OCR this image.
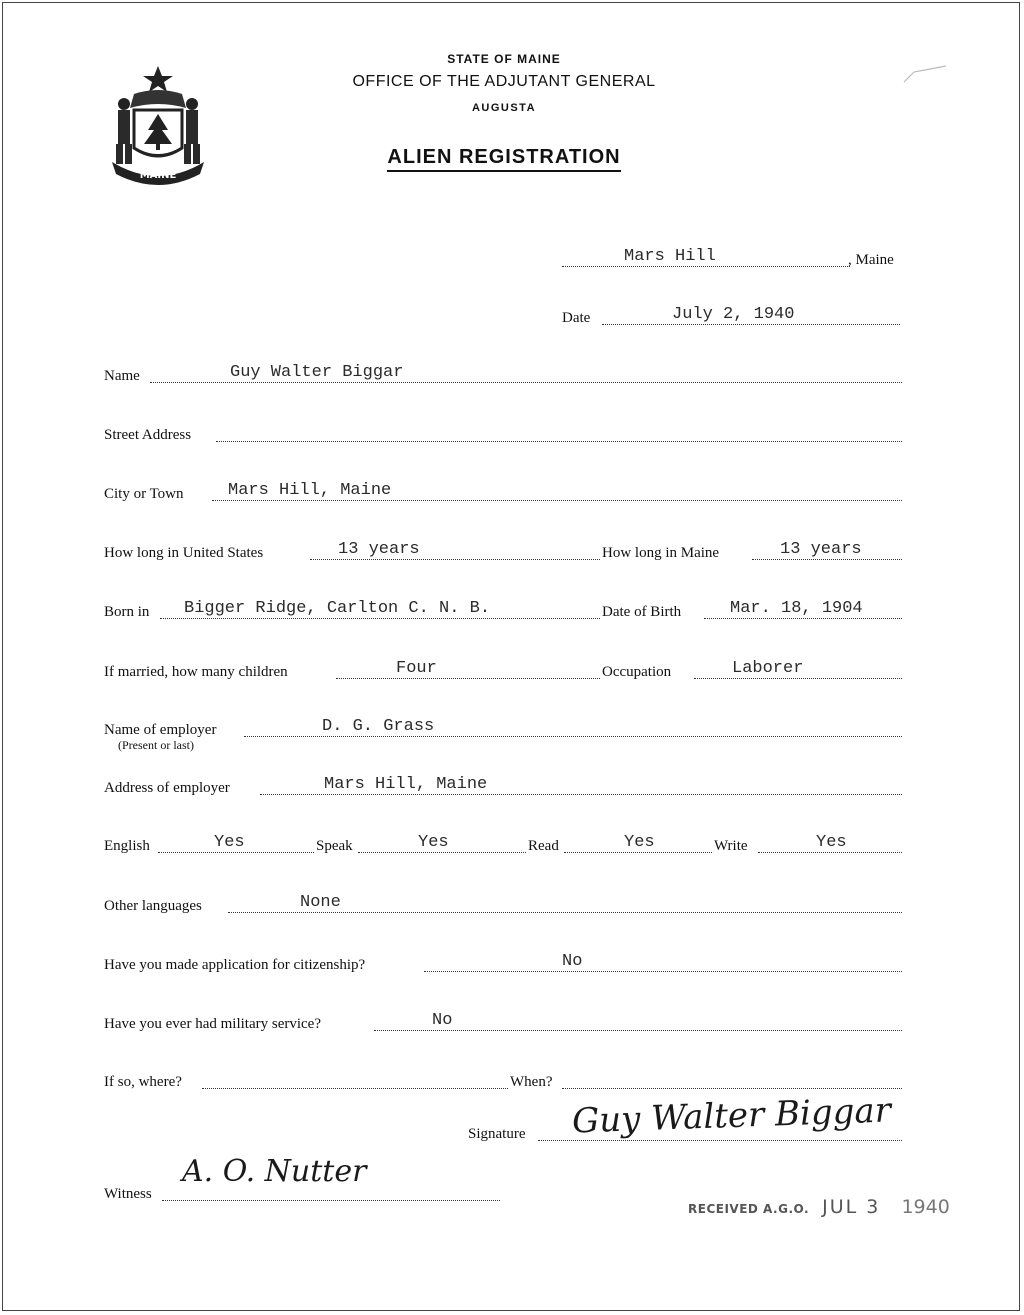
MAINE
STATE OF MAINE
OFFICE OF THE ADJUTANT GENERAL
AUGUSTA
ALIEN REGISTRATION
Mars Hill	, Maine
Date	July 2, 1940
Name	Guy Walter Biggar
Street Address
City or Town	Mars Hill, Maine
How long in United States	13 years	How long in Maine	13 years
Born in Bigger Ridge, Carlton C. N. B.	Date of Birth	Mar. 18, 1904
If married, how many children	Four	Occupation	Laborer
Name of employer	D. G. Grass
(Present or last)
Address of employer	Mars Hill, Maine
English	Yes	Speak	Yes	Read	Yes	Write	Yes
Other languages	None
Have you made application for citizenship?	No
Have you ever had military service?	No
If so, where?	When?
Signature Guy Walter Biggar
Witness
A. O. Nutter
RECEIVED A.G.O. JUL 3 1940
